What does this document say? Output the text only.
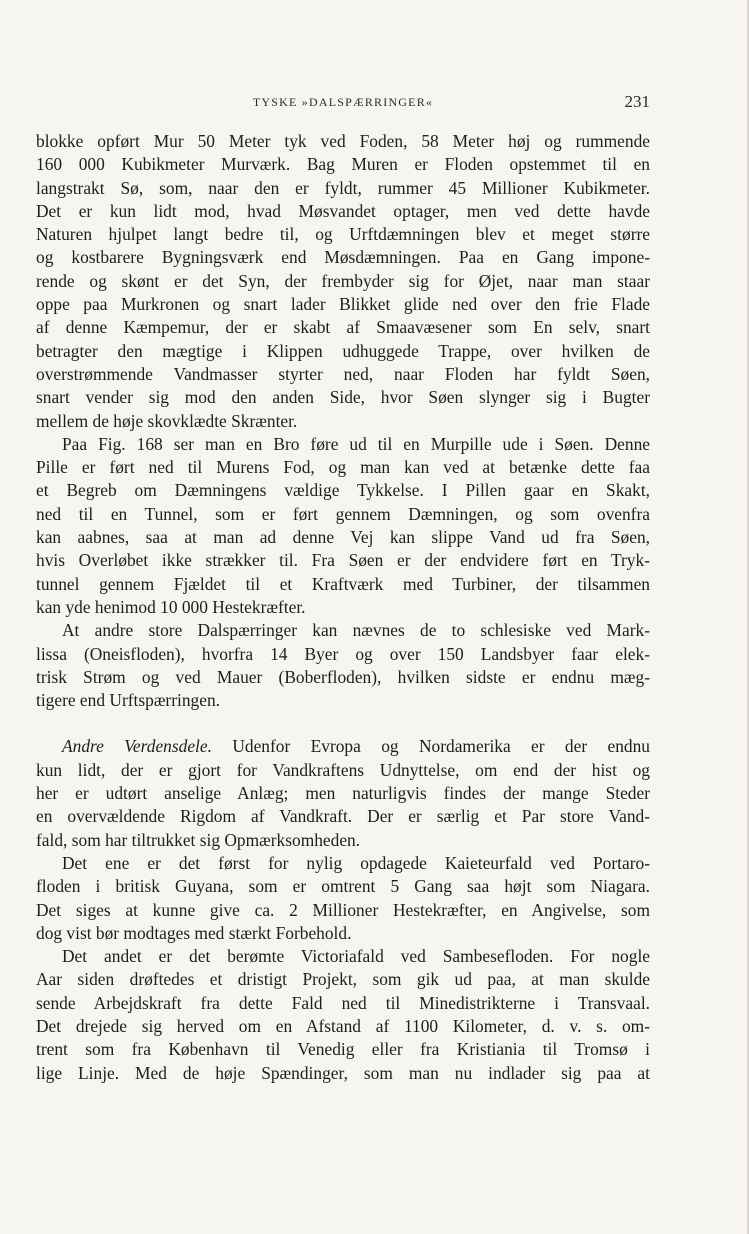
TYSKE »DALSPÆRRINGER«	231
blokke opført Mur 50 Meter tyk ved Foden, 58 Meter høj og rummende
160 000 Kubikmeter Murværk. Bag Muren er Floden opstemmet til en
langstrakt Sø, som, naar den er fyldt, rummer 45 Millioner Kubikmeter.
Det er kun lidt mod, hvad Møsvandet optager, men ved dette havde
Naturen hjulpet langt bedre til, og Urftdæmningen blev et meget større
og kostbarere Bygningsværk end Møsdæmningen. Paa en Gang impone-
rende og skønt er det Syn, der frembyder sig for Øjet, naar man staar
oppe paa Murkronen og snart lader Blikket glide ned over den frie Flade
af denne Kæmpemur, der er skabt af Smaavæsener som En selv, snart
betragter den mægtige i Klippen udhuggede Trappe, over hvilken de
overstrømmende Vandmasser styrter ned, naar Floden har fyldt Søen,
snart vender sig mod den anden Side, hvor Søen slynger sig i Bugter
mellem de høje skovklædte Skrænter.
Paa Fig. 168 ser man en Bro føre ud til en Murpille ude i Søen. Denne
Pille er ført ned til Murens Fod, og man kan ved at betænke dette faa
et Begreb om Dæmningens vældige Tykkelse. I Pillen gaar en Skakt,
ned til en Tunnel, som er ført gennem Dæmningen, og som ovenfra
kan aabnes, saa at man ad denne Vej kan slippe Vand ud fra Søen,
hvis Overløbet ikke strækker til. Fra Søen er der endvidere ført en Tryk-
tunnel gennem Fjældet til et Kraftværk med Turbiner, der tilsammen
kan yde henimod 10 000 Hestekræfter.
At andre store Dalspærringer kan nævnes de to schlesiske ved Mark-
lissa (Oneisfloden), hvorfra 14 Byer og over 150 Landsbyer faar elek-
trisk Strøm og ved Mauer (Boberfloden), hvilken sidste er endnu mæg-
tigere end Urftspærringen.
Andre Verdensdele. Udenfor Evropa og Nordamerika er der endnu
kun lidt, der er gjort for Vandkraftens Udnyttelse, om end der hist og
her er udtørt anselige Anlæg; men naturligvis findes der mange Steder
en overvældende Rigdom af Vandkraft. Der er særlig et Par store Vand-
fald, som har tiltrukket sig Opmærksomheden.
Det ene er det først for nylig opdagede Kaieteurfald ved Portaro-
floden i britisk Guyana, som er omtrent 5 Gang saa højt som Niagara.
Det siges at kunne give ca. 2 Millioner Hestekræfter, en Angivelse, som
dog vist bør modtages med stærkt Forbehold.
Det andet er det berømte Victoriafald ved Sambesefloden. For nogle
Aar siden drøftedes et dristigt Projekt, som gik ud paa, at man skulde
sende Arbejdskraft fra dette Fald ned til Minedistrikterne i Transvaal.
Det drejede sig herved om en Afstand af 1100 Kilometer, d. v. s. om-
trent som fra København til Venedig eller fra Kristiania til Tromsø i
lige Linje. Med de høje Spændinger, som man nu indlader sig paa at
